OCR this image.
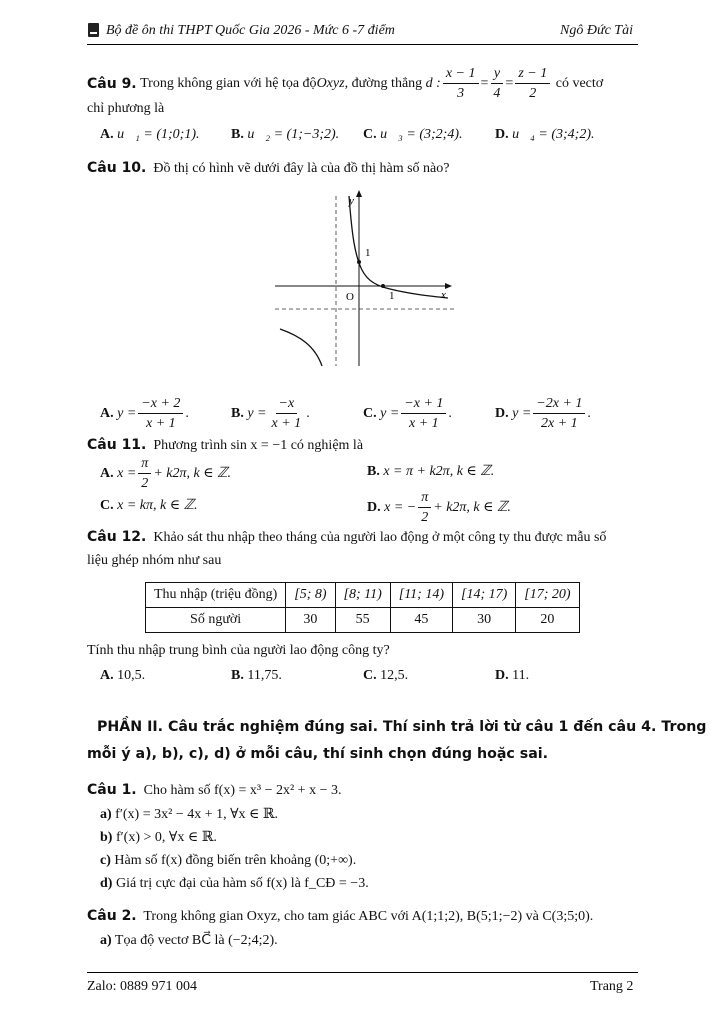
Bộ đề ôn thi THPT Quốc Gia 2026 - Mức 6 -7 điểm	Ngô Đức Tài
Câu 9.
Trong không gian với hệ tọa độ Oxyz , đường thẳng
d : $\frac{x - 1}{3} = \frac{y}{4} = \frac{z - 1}{2}$
có vectơ
chỉ phương là
A. u⃗₁ = (1;0;1). B. u⃗₂ = (1;−3;2). C. u⃗₃ = (3;2;4). D. u⃗₄ = (3;4;2).
Câu 10. Đồ thị có hình vẽ dưới đây là của đồ thị hàm số nào?
y
x
O
1
1
A.
$y = \frac{-x + 2}{x + 1}$ .	B.
$y = \frac{-x}{x + 1}$ .	C.
$y = \frac{-x + 1}{x + 1}$ .	D.
$y = \frac{-2x + 1}{2x + 1}$ .
Câu 11. Phương trình sin x = −1 có nghiệm là
A.
$x = \frac{\pi}{2} + k2\pi$, k ∈ ℤ.	B. x = π + k2π, k ∈ ℤ.
C. x = kπ, k ∈ ℤ.	D.
x = − $\frac{\pi}{2} + k2\pi$, k ∈ ℤ.
Câu 12. Khảo sát thu nhập theo tháng của người lao động ở một công ty thu được mẫu số
liệu ghép nhóm như sau
Thu nhập (triệu đồng)	[5; 8)	[8; 11)	[11; 14)	[14; 17)	[17; 20)
Số người	30	55	45	30	20
Tính thu nhập trung bình của người lao động công ty?
A. 10,5.	B. 11,75.	C. 12,5.	D. 11.
PHẦN II. Câu trắc nghiệm đúng sai. Thí sinh trả lời từ câu 1 đến câu 4. Trong
mỗi ý a), b), c), d) ở mỗi câu, thí sinh chọn đúng hoặc sai.
Câu 1. Cho hàm số f(x) = x³ − 2x² + x − 3.
a) f′(x) = 3x² − 4x + 1, ∀x ∈ ℝ.
b) f′(x) > 0, ∀x ∈ ℝ.
c) Hàm số f(x) đồng biến trên khoảng (0;+∞).
d) Giá trị cực đại của hàm số f(x) là f_CĐ = −3.
Câu 2. Trong không gian Oxyz, cho tam giác ABC với A(1;1;2), B(5;1;−2) và C(3;5;0).
a) Tọa độ vectơ BC⃗ là (−2;4;2).
Zalo: 0889 971 004	Trang 2
